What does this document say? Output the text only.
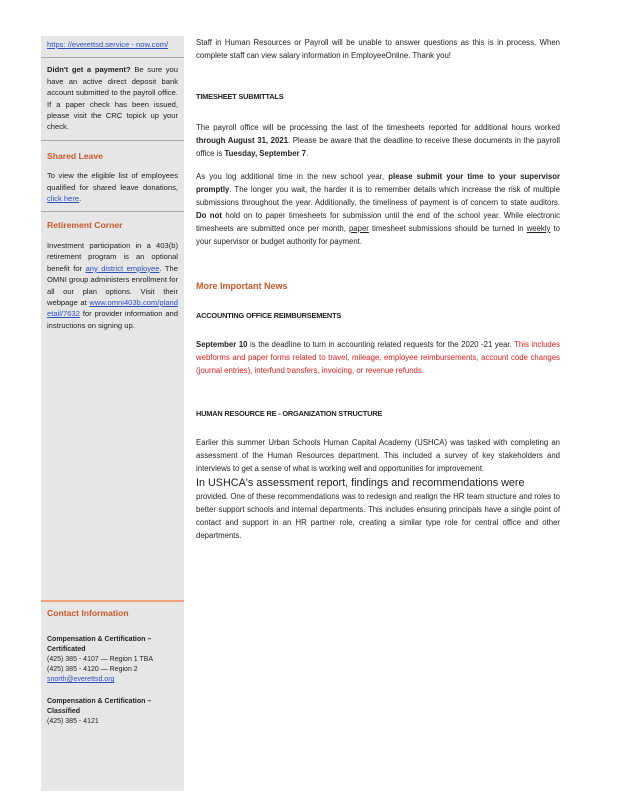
https: //everettsd.service - now.com/
Didn't get a payment? Be sure you have an active direct deposit bank account submitted to the payroll office. If a paper check has been issued, please visit the CRC topick up your check.
Shared Leave
To view the eligible list of employees qualified for shared leave donations, click here.
Retirement Corner
Investment participation in a 403(b) retirement program is an optional benefit for any district employee. The OMNI group administers enrollment for all our plan options. Visit their webpage at www.omni403b.com/plandetail/7632 for provider information and instructions on signing up.
Contact Information
Compensation & Certification – Certificated
(425) 385 - 4107 — Region 1 TBA
(425) 385 - 4120 — Region 2
snorth@everettsd.org
Compensation & Certification – Classified
(425) 385 - 4121

Staff in Human Resources or Payroll will be unable to answer questions as this is in process. When complete staff can view salary information in EmployeeOnline. Thank you!

TIMESHEET SUBMITTALS

The payroll office will be processing the last of the timesheets reported for additional hours worked through August 31, 2021. Please be aware that the deadline to receive these documents in the payroll office is Tuesday, September 7.

As you log additional time in the new school year, please submit your time to your supervisor promptly. The longer you wait, the harder it is to remember details which increase the risk of multiple submissions throughout the year. Additionally, the timeliness of payment is of concern to state auditors. Do not hold on to paper timesheets for submission until the end of the school year. While electronic timesheets are submitted once per month, paper timesheet submissions should be turned in weekly to your supervisor or budget authority for payment.

More Important News
ACCOUNTING OFFICE REIMBURSEMENTS

September 10 is the deadline to turn in accounting related requests for the 2020 -21 year. This includes webforms and paper forms related to travel, mileage, employee reimbursements, account code changes (journal entries), interfund transfers, invoicing, or revenue refunds.

HUMAN RESOURCE RE - ORGANIZATION STRUCTURE

Earlier this summer Urban Schools Human Capital Academy (USHCA) was tasked with completing an assessment of the Human Resources department. This included a survey of key stakeholders and interviews to get a sense of what is working well and opportunities for improvement.

In USHCA's assessment report, findings and recommendations were

provided. One of these recommendations was to redesign and realign the HR team structure and roles to better support schools and internal departments. This includes ensuring principals have a single point of contact and support in an HR partner role, creating a similar type role for central office and other departments.
